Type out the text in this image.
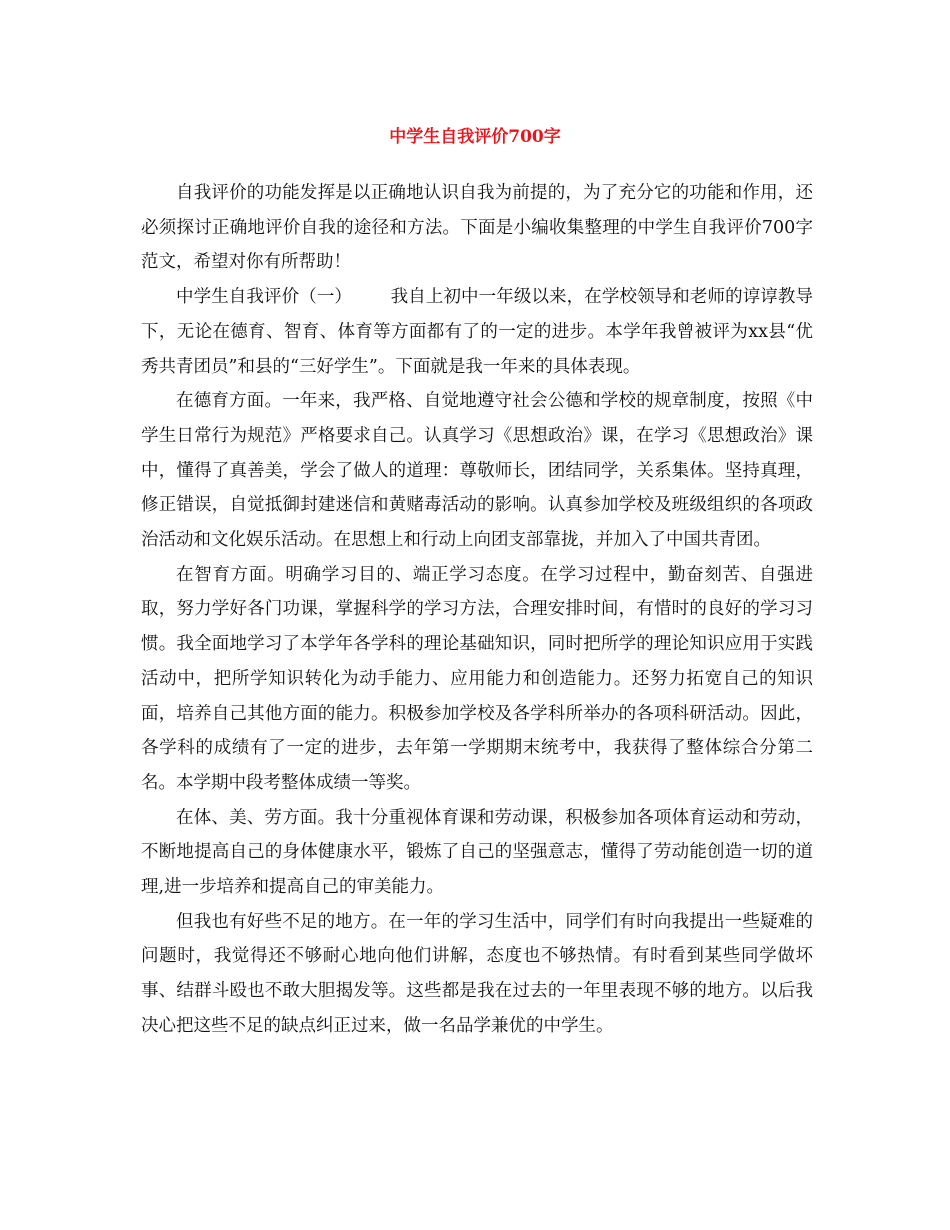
中学生自我评价700字

自我评价的功能发挥是以正确地认识自我为前提的，为了充分它的功能和作用，还必须探讨正确地评价自我的途径和方法。下面是小编收集整理的中学生自我评价700字范文，希望对你有所帮助！

中学生自我评价（一） 我自上初中一年级以来，在学校领导和老师的谆谆教导下，无论在德育、智育、体育等方面都有了的一定的进步。本学年我曾被评为xx县“优秀共青团员”和县的“三好学生”。下面就是我一年来的具体表现。

在德育方面。一年来，我严格、自觉地遵守社会公德和学校的规章制度，按照《中学生日常行为规范》严格要求自己。认真学习《思想政治》课，在学习《思想政治》课中，懂得了真善美，学会了做人的道理：尊敬师长，团结同学，关系集体。坚持真理，修正错误，自觉抵御封建迷信和黄赌毒活动的影响。认真参加学校及班级组织的各项政治活动和文化娱乐活动。在思想上和行动上向团支部靠拢，并加入了中国共青团。

在智育方面。明确学习目的、端正学习态度。在学习过程中，勤奋刻苦、自强进取，努力学好各门功课，掌握科学的学习方法，合理安排时间，有惜时的良好的学习习惯。我全面地学习了本学年各学科的理论基础知识，同时把所学的理论知识应用于实践活动中，把所学知识转化为动手能力、应用能力和创造能力。还努力拓宽自己的知识面，培养自己其他方面的能力。积极参加学校及各学科所举办的各项科研活动。因此，各学科的成绩有了一定的进步，去年第一学期期末统考中，我获得了整体综合分第二名。本学期中段考整体成绩一等奖。

在体、美、劳方面。我十分重视体育课和劳动课，积极参加各项体育运动和劳动，不断地提高自己的身体健康水平，锻炼了自己的坚强意志，懂得了劳动能创造一切的道理,进一步培养和提高自己的审美能力。

但我也有好些不足的地方。在一年的学习生活中，同学们有时向我提出一些疑难的问题时，我觉得还不够耐心地向他们讲解，态度也不够热情。有时看到某些同学做坏事、结群斗殴也不敢大胆揭发等。这些都是我在过去的一年里表现不够的地方。以后我决心把这些不足的缺点纠正过来，做一名品学兼优的中学生。
